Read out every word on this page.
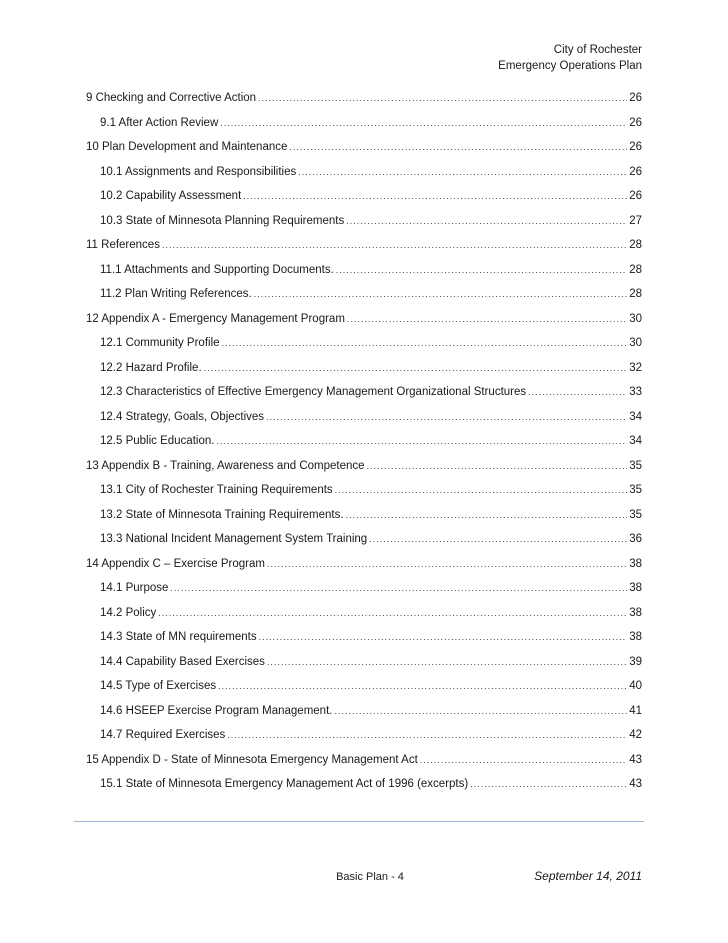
City of Rochester
Emergency Operations Plan
9 Checking and Corrective Action .....	26
9.1 After Action Review .....	26
10 Plan Development and Maintenance .....	26
10.1 Assignments and Responsibilities .....	26
10.2 Capability Assessment .....	26
10.3 State of Minnesota Planning Requirements .....	27
11 References .....	28
11.1 Attachments and Supporting Documents. .....	28
11.2 Plan Writing References. .....	28
12 Appendix A - Emergency Management Program .....	30
12.1 Community Profile .....	30
12.2 Hazard Profile. .....	32
12.3 Characteristics of Effective Emergency Management Organizational Structures .....	33
12.4 Strategy, Goals, Objectives .....	34
12.5 Public Education. .....	34
13 Appendix B - Training, Awareness and Competence .....	35
13.1 City of Rochester Training Requirements .....	35
13.2 State of Minnesota Training Requirements. .....	35
13.3 National Incident Management System Training .....	36
14 Appendix C – Exercise Program .....	38
14.1 Purpose .....	38
14.2 Policy .....	38
14.3 State of MN requirements .....	38
14.4 Capability Based Exercises .....	39
14.5 Type of Exercises .....	40
14.6 HSEEP Exercise Program Management. .....	41
14.7 Required Exercises .....	42
15 Appendix D - State of Minnesota Emergency Management Act .....	43
15.1 State of Minnesota Emergency Management Act of 1996 (excerpts) .....	43
Basic Plan - 4	September 14, 2011
